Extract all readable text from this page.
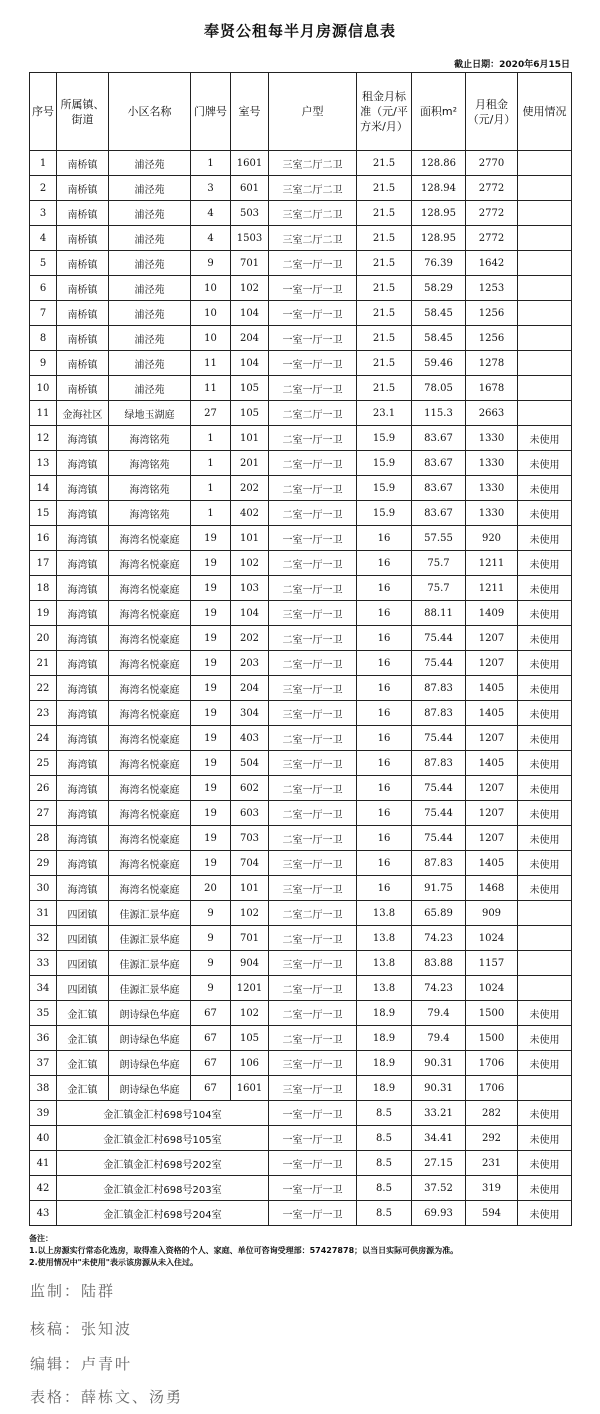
奉贤公租每半月房源信息表
截止日期：2020年6月15日
序号	所属镇、街道	小区名称	门牌号	室号	户型	租金月标准（元/平方米/月）	面积m²	月租金（元/月）	使用情况
1	南桥镇	浦泾苑	1	1601	三室二厅二卫	21.5	128.86	2770	
2	南桥镇	浦泾苑	3	601	三室二厅二卫	21.5	128.94	2772	
3	南桥镇	浦泾苑	4	503	三室二厅二卫	21.5	128.95	2772	
4	南桥镇	浦泾苑	4	1503	三室二厅二卫	21.5	128.95	2772	
5	南桥镇	浦泾苑	9	701	二室一厅一卫	21.5	76.39	1642	
6	南桥镇	浦泾苑	10	102	一室一厅一卫	21.5	58.29	1253	
7	南桥镇	浦泾苑	10	104	一室一厅一卫	21.5	58.45	1256	
8	南桥镇	浦泾苑	10	204	一室一厅一卫	21.5	58.45	1256	
9	南桥镇	浦泾苑	11	104	一室一厅一卫	21.5	59.46	1278	
10	南桥镇	浦泾苑	11	105	二室一厅一卫	21.5	78.05	1678	
11	金海社区	绿地玉湖庭	27	105	二室二厅一卫	23.1	115.3	2663	
12	海湾镇	海湾铭苑	1	101	二室一厅一卫	15.9	83.67	1330	未使用
13	海湾镇	海湾铭苑	1	201	二室一厅一卫	15.9	83.67	1330	未使用
14	海湾镇	海湾铭苑	1	202	二室一厅一卫	15.9	83.67	1330	未使用
15	海湾镇	海湾铭苑	1	402	二室一厅一卫	15.9	83.67	1330	未使用
16	海湾镇	海湾名悦豪庭	19	101	一室一厅一卫	16	57.55	920	未使用
17	海湾镇	海湾名悦豪庭	19	102	二室一厅一卫	16	75.7	1211	未使用
18	海湾镇	海湾名悦豪庭	19	103	二室一厅一卫	16	75.7	1211	未使用
19	海湾镇	海湾名悦豪庭	19	104	三室一厅一卫	16	88.11	1409	未使用
20	海湾镇	海湾名悦豪庭	19	202	二室一厅一卫	16	75.44	1207	未使用
21	海湾镇	海湾名悦豪庭	19	203	二室一厅一卫	16	75.44	1207	未使用
22	海湾镇	海湾名悦豪庭	19	204	三室一厅一卫	16	87.83	1405	未使用
23	海湾镇	海湾名悦豪庭	19	304	三室一厅一卫	16	87.83	1405	未使用
24	海湾镇	海湾名悦豪庭	19	403	二室一厅一卫	16	75.44	1207	未使用
25	海湾镇	海湾名悦豪庭	19	504	三室一厅一卫	16	87.83	1405	未使用
26	海湾镇	海湾名悦豪庭	19	602	二室一厅一卫	16	75.44	1207	未使用
27	海湾镇	海湾名悦豪庭	19	603	二室一厅一卫	16	75.44	1207	未使用
28	海湾镇	海湾名悦豪庭	19	703	二室一厅一卫	16	75.44	1207	未使用
29	海湾镇	海湾名悦豪庭	19	704	三室一厅一卫	16	87.83	1405	未使用
30	海湾镇	海湾名悦豪庭	20	101	三室一厅一卫	16	91.75	1468	未使用
31	四团镇	佳源汇景华庭	9	102	二室二厅一卫	13.8	65.89	909	
32	四团镇	佳源汇景华庭	9	701	二室一厅一卫	13.8	74.23	1024	
33	四团镇	佳源汇景华庭	9	904	三室一厅一卫	13.8	83.88	1157	
34	四团镇	佳源汇景华庭	9	1201	二室一厅一卫	13.8	74.23	1024	
35	金汇镇	朗诗绿色华庭	67	102	二室一厅一卫	18.9	79.4	1500	未使用
36	金汇镇	朗诗绿色华庭	67	105	二室一厅一卫	18.9	79.4	1500	未使用
37	金汇镇	朗诗绿色华庭	67	106	三室一厅一卫	18.9	90.31	1706	未使用
38	金汇镇	朗诗绿色华庭	67	1601	三室一厅一卫	18.9	90.31	1706	
39	金汇镇金汇村698号104室				一室一厅一卫	8.5	33.21	282	未使用
40	金汇镇金汇村698号105室				一室一厅一卫	8.5	34.41	292	未使用
41	金汇镇金汇村698号202室				一室一厅一卫	8.5	27.15	231	未使用
42	金汇镇金汇村698号203室				一室一厅一卫	8.5	37.52	319	未使用
43	金汇镇金汇村698号204室				一室一厅一卫	8.5	69.93	594	未使用
备注：
1.以上房源实行常态化选房，取得准入资格的个人、家庭、单位可咨询受理部：57427878；以当日实际可供房源为准。
2.使用情况中"未使用"表示该房源从未入住过。
监制：陆群
核稿：张知波
编辑：卢青叶
表格：薛栋文、汤勇
